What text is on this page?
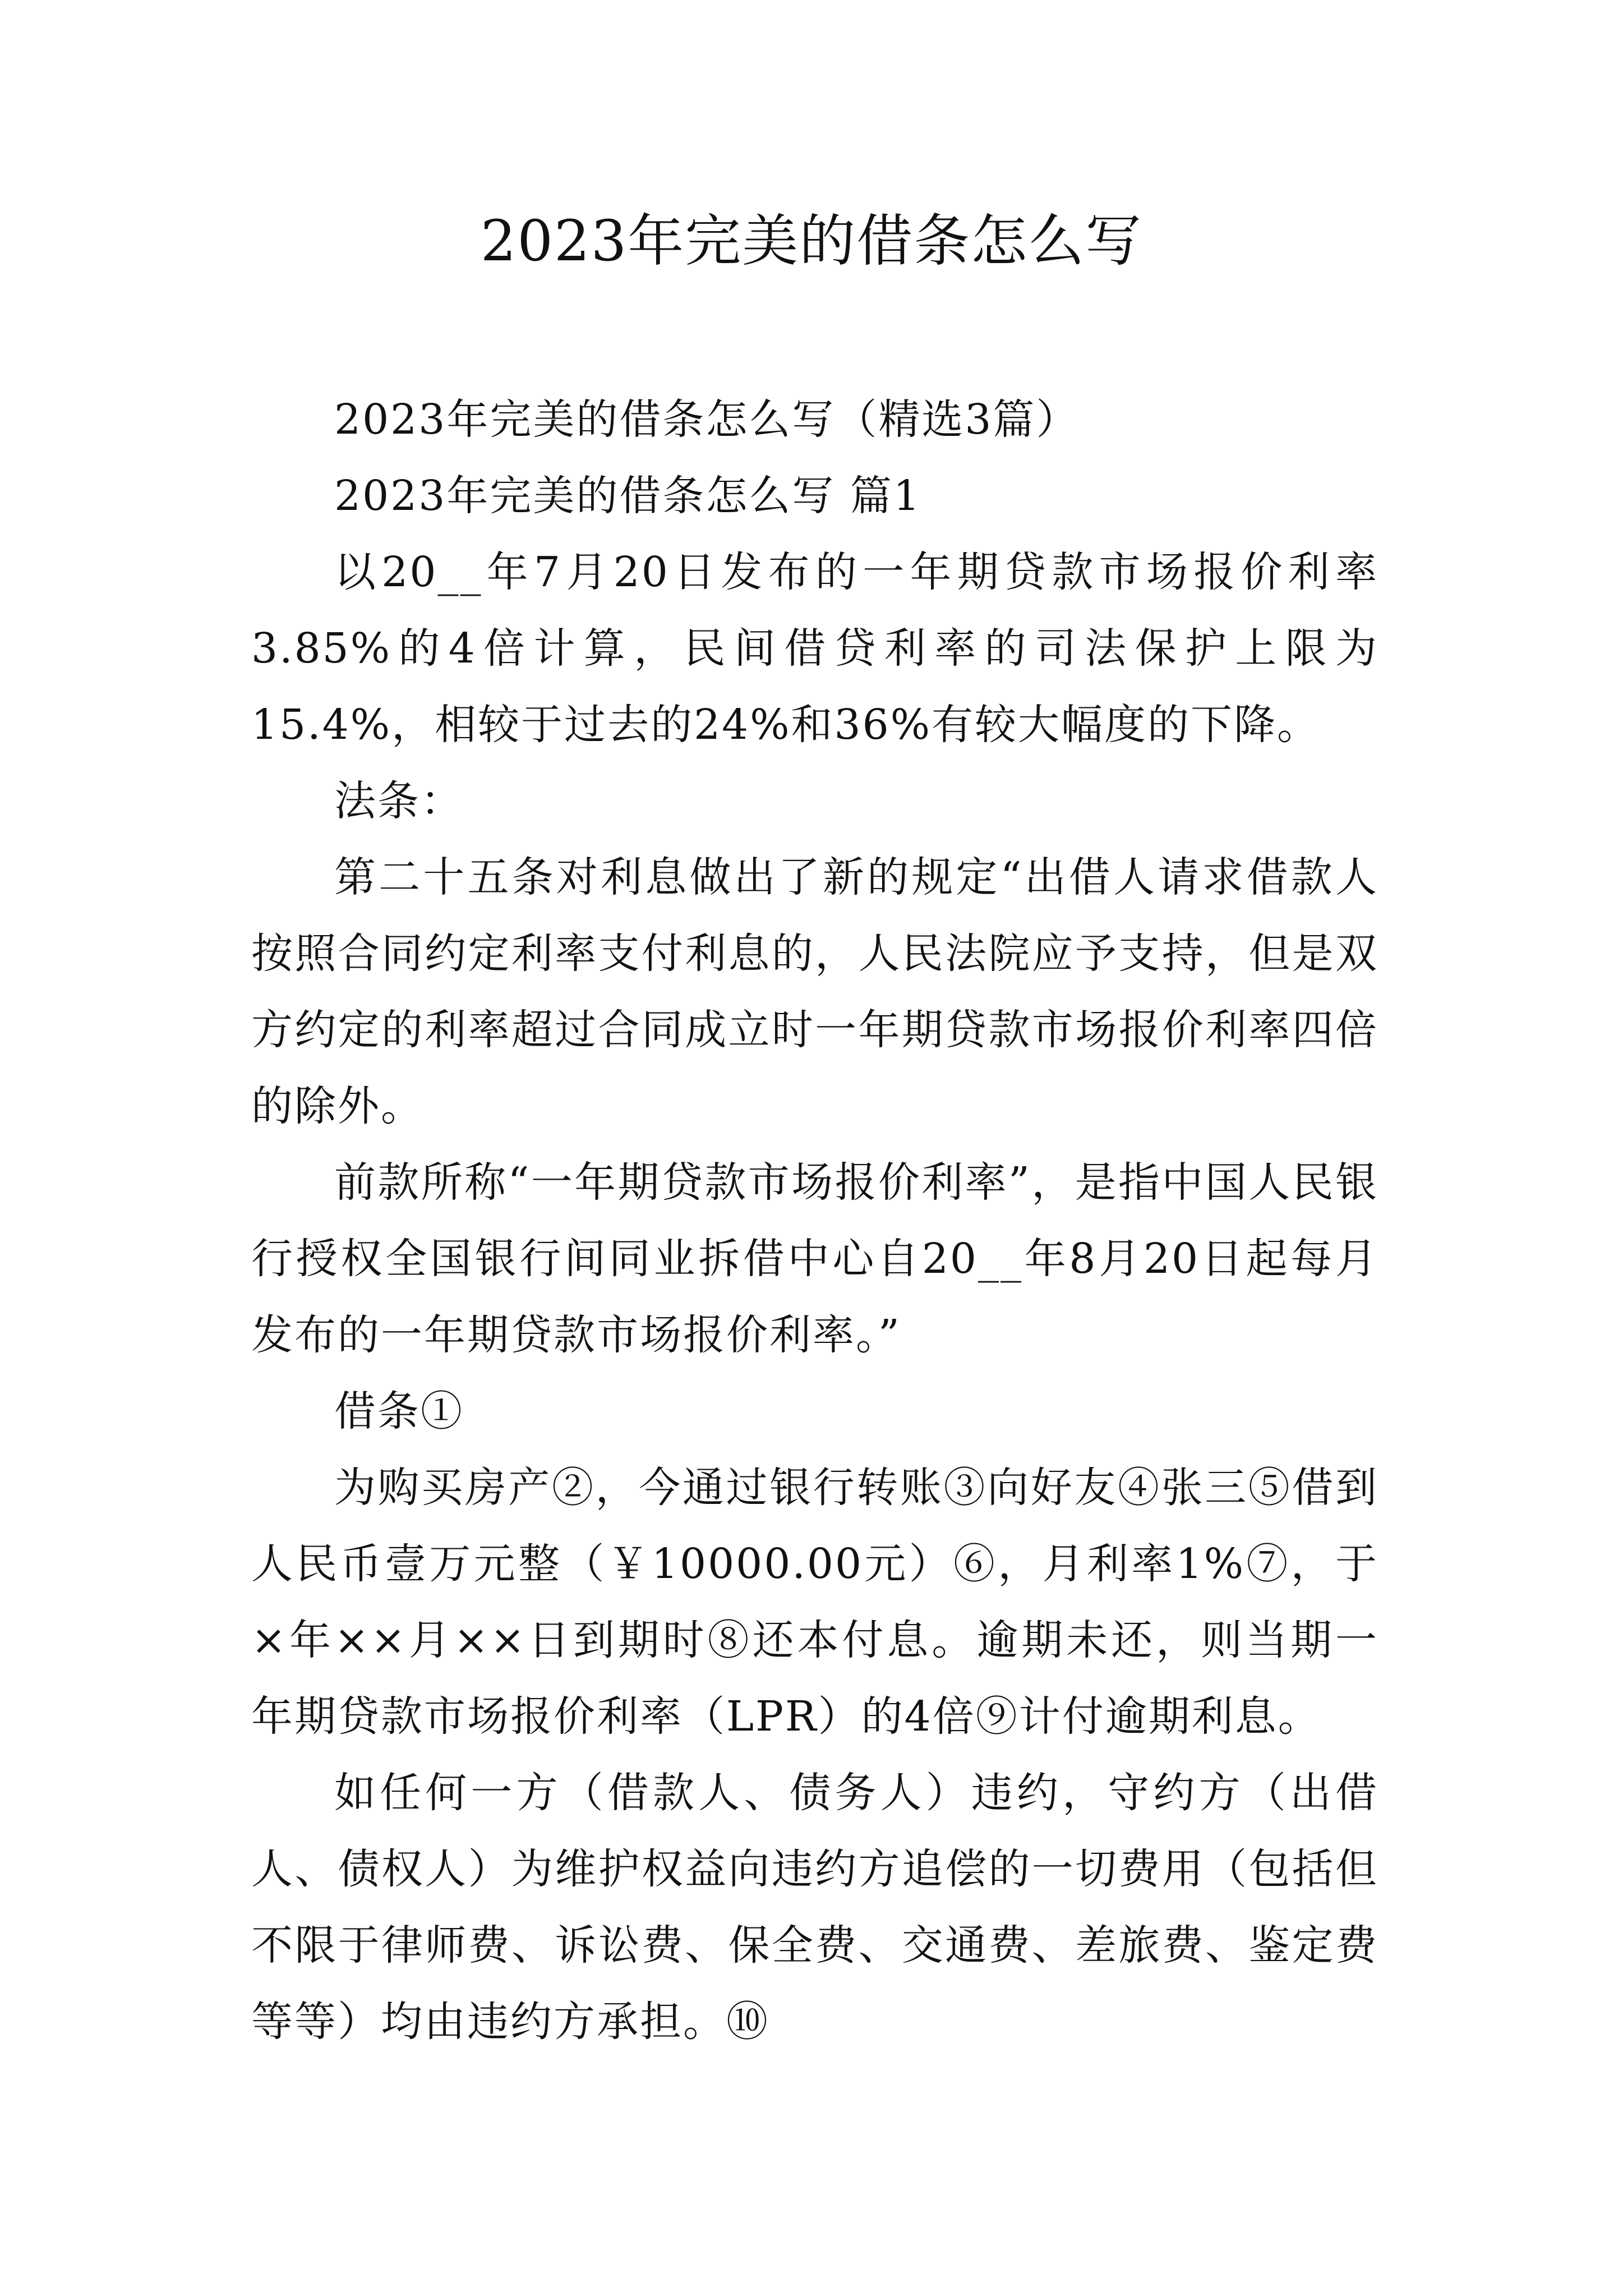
2023年完美的借条怎么写

2023年完美的借条怎么写（精选3篇）

2023年完美的借条怎么写 篇1

以20__年7月20日发布的一年期贷款市场报价利率3.85%的4倍计算，民间借贷利率的司法保护上限为15.4%，相较于过去的24%和36%有较大幅度的下降。

法条：

第二十五条对利息做出了新的规定“出借人请求借款人按照合同约定利率支付利息的，人民法院应予支持，但是双方约定的利率超过合同成立时一年期贷款市场报价利率四倍的除外。

前款所称“一年期贷款市场报价利率”，是指中国人民银行授权全国银行间同业拆借中心自20__年8月20日起每月发布的一年期贷款市场报价利率。”

借条①

为购买房产②，今通过银行转账③向好友④张三⑤借到人民币壹万元整（￥10000.00元）⑥，月利率1%⑦，于×年××月××日到期时⑧还本付息。逾期未还，则当期一年期贷款市场报价利率（LPR）的4倍⑨计付逾期利息。

如任何一方（借款人、债务人）违约，守约方（出借人、债权人）为维护权益向违约方追偿的一切费用（包括但不限于律师费、诉讼费、保全费、交通费、差旅费、鉴定费等等）均由违约方承担。⑩
